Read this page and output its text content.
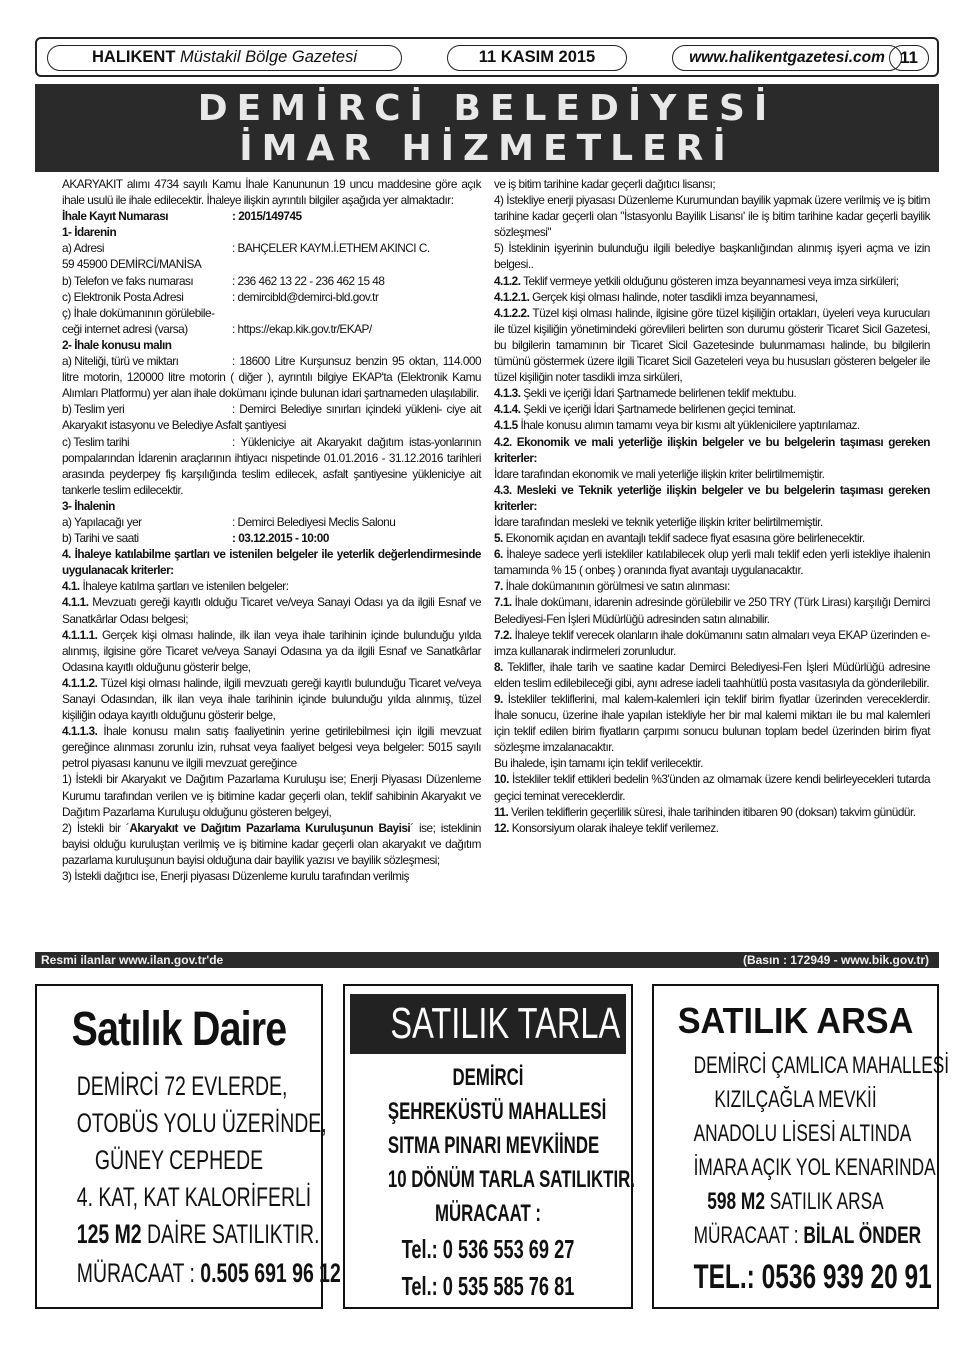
HALIKENT Müstakil Bölge Gazetesi	11 KASIM 2015	www.halikentgazetesi.com 11
DEMİRCİ BELEDİYESİ
İMAR HİZMETLERİ

AKARYAKIT alımı 4734 sayılı Kamu İhale Kanununun 19 uncu maddesine göre açık ihale usulü ile ihale edilecektir. İhaleye ilişkin ayrıntılı bilgiler aşağıda yer almaktadır:

İhale Kayıt Numarası	: 2015/149745

1- İdarenin

a) Adresi	: BAHÇELER KAYM.İ.ETHEM AKINCI C.

59 45900 DEMİRCİ/MANİSA

b) Telefon ve faks numarası	: 236 462 13 22 - 236 462 15 48

c) Elektronik Posta Adresi	: demircibld@demirci-bld.gov.tr

ç) İhale dokümanının görülebile-

ceği internet adresi (varsa)	: https://ekap.kik.gov.tr/EKAP/

2- İhale konusu malın

a) Niteliği, türü ve miktarı	: 18600 Litre Kurşunsuz benzin 95 oktan, 114.000 litre motorin, 120000 litre motorin ( diğer ), ayrıntılı bilgiye EKAP'ta (Elektronik Kamu Alımları Platformu) yer alan ihale dokümanı içinde bulunan idari şartnameden ulaşılabilir.

b) Teslim yeri	: Demirci Belediye sınırları içindeki yükleni- ciye ait Akaryakıt istasyonu ve Belediye Asfalt şantiyesi

c) Teslim tarihi	: Yükleniciye ait Akaryakıt dağıtım istas-yonlarının pompalarından İdarenin araçlarının ihtiyacı nispetinde 01.01.2016 - 31.12.2016 tarihleri arasında peyderpey fiş karşılığında teslim edilecek, asfalt şantiyesine yükleniciye ait tankerle teslim edilecektir.

3- İhalenin

a) Yapılacağı yer	: Demirci Belediyesi Meclis Salonu

b) Tarihi ve saati	: 03.12.2015 - 10:00

4. İhaleye katılabilme şartları ve istenilen belgeler ile yeterlik değerlendirmesinde uygulanacak kriterler:

4.1. İhaleye katılma şartları ve istenilen belgeler:

4.1.1. Mevzuatı gereği kayıtlı olduğu Ticaret ve/veya Sanayi Odası ya da ilgili Esnaf ve Sanatkârlar Odası belgesi;

4.1.1.1. Gerçek kişi olması halinde, ilk ilan veya ihale tarihinin içinde bulunduğu yılda alınmış, ilgisine göre Ticaret ve/veya Sanayi Odasına ya da ilgili Esnaf ve Sanatkârlar Odasına kayıtlı olduğunu gösterir belge,

4.1.1.2. Tüzel kişi olması halinde, ilgili mevzuatı gereği kayıtlı bulunduğu Ticaret ve/veya Sanayi Odasından, ilk ilan veya ihale tarihinin içinde bulunduğu yılda alınmış, tüzel kişiliğin odaya kayıtlı olduğunu gösterir belge,

4.1.1.3. İhale konusu malın satış faaliyetinin yerine getirilebilmesi için ilgili mevzuat gereğince alınması zorunlu izin, ruhsat veya faaliyet belgesi veya belgeler: 5015 sayılı petrol piyasası kanunu ve ilgili mevzuat gereğince

1) İstekli bir Akaryakıt ve Dağıtım Pazarlama Kuruluşu ise; Enerji Piyasası Düzenleme Kurumu tarafından verilen ve iş bitimine kadar geçerli olan, teklif sahibinin Akaryakıt ve Dağıtım Pazarlama Kuruluşu olduğunu gösteren belgeyi,

2) İstekli bir ´Akaryakıt ve Dağıtım Pazarlama Kuruluşunun Bayisi´ ise; isteklinin bayisi olduğu kuruluştan verilmiş ve iş bitimine kadar geçerli olan akaryakıt ve dağıtım pazarlama kuruluşunun bayisi olduğuna dair bayilik yazısı ve bayilik sözleşmesi;

3) İstekli dağıtıcı ise, Enerji piyasası Düzenleme kurulu tarafından verilmiş

ve iş bitim tarihine kadar geçerli dağıtıcı lisansı;

4) İstekliye enerji piyasası Düzenleme Kurumundan bayilik yapmak üzere verilmiş ve iş bitim tarihine kadar geçerli olan "İstasyonlu Bayilik Lisansı' ile iş bitim tarihine kadar geçerli bayilik sözleşmesi"

5) İsteklinin işyerinin bulunduğu ilgili belediye başkanlığından alınmış işyeri açma ve izin belgesi..

4.1.2. Teklif vermeye yetkili olduğunu gösteren imza beyannamesi veya imza sirküleri;

4.1.2.1. Gerçek kişi olması halinde, noter tasdikli imza beyannamesi,

4.1.2.2. Tüzel kişi olması halinde, ilgisine göre tüzel kişiliğin ortakları, üyeleri veya kurucuları ile tüzel kişiliğin yönetimindeki görevlileri belirten son durumu gösterir Ticaret Sicil Gazetesi, bu bilgilerin tamamının bir Ticaret Sicil Gazetesinde bulunmaması halinde, bu bilgilerin tümünü göstermek üzere ilgili Ticaret Sicil Gazeteleri veya bu hususları gösteren belgeler ile tüzel kişiliğin noter tasdikli imza sirküleri,

4.1.3. Şekli ve içeriği İdari Şartnamede belirlenen teklif mektubu.

4.1.4. Şekli ve içeriği İdari Şartnamede belirlenen geçici teminat.

4.1.5 İhale konusu alımın tamamı veya bir kısmı alt yüklenicilere yaptırılamaz.

4.2. Ekonomik ve mali yeterliğe ilişkin belgeler ve bu belgelerin taşıması gereken kriterler:

İdare tarafından ekonomik ve mali yeterliğe ilişkin kriter belirtilmemiştir.

4.3. Mesleki ve Teknik yeterliğe ilişkin belgeler ve bu belgelerin taşıması gereken kriterler:

İdare tarafından mesleki ve teknik yeterliğe ilişkin kriter belirtilmemiştir.

5. Ekonomik açıdan en avantajlı teklif sadece fiyat esasına göre belirlenecektir.

6. İhaleye sadece yerli istekliler katılabilecek olup yerli malı teklif eden yerli istekliye ihalenin tamamında % 15 ( onbeş ) oranında fiyat avantajı uygulanacaktır.

7. İhale dokümanının görülmesi ve satın alınması:

7.1. İhale dokümanı, idarenin adresinde görülebilir ve 250 TRY (Türk Lirası) karşılığı Demirci Belediyesi-Fen İşleri Müdürlüğü adresinden satın alınabilir.

7.2. İhaleye teklif verecek olanların ihale dokümanını satın almaları veya EKAP üzerinden e-imza kullanarak indirmeleri zorunludur.

8. Teklifler, ihale tarih ve saatine kadar Demirci Belediyesi-Fen İşleri Müdürlüğü adresine elden teslim edilebileceği gibi, aynı adrese iadeli taahhütlü posta vasıtasıyla da gönderilebilir.

9. İstekliler tekliflerini, mal kalem-kalemleri için teklif birim fiyatlar üzerinden vereceklerdir. İhale sonucu, üzerine ihale yapılan istekliyle her bir mal kalemi miktarı ile bu mal kalemleri için teklif edilen birim fiyatların çarpımı sonucu bulunan toplam bedel üzerinden birim fiyat sözleşme imzalanacaktır.

Bu ihalede, işin tamamı için teklif verilecektir.

10. İstekliler teklif ettikleri bedelin %3'ünden az olmamak üzere kendi belirleyecekleri tutarda geçici teminat vereceklerdir.

11. Verilen tekliflerin geçerlilik süresi, ihale tarihinden itibaren 90 (doksan) takvim günüdür.

12. Konsorsiyum olarak ihaleye teklif verilemez.

Resmi ilanlar www.ilan.gov.tr'de	(Basın : 172949 - www.bik.gov.tr)
Satılık Daire
DEMİRCİ 72 EVLERDE,
OTOBÜS YOLU ÜZERİNDE,
GÜNEY CEPHEDE
4. KAT, KAT KALORİFERLİ
125 M2 DAİRE SATILIKTIR.
MÜRACAAT : 0.505 691 96 12
SATILIK TARLA
DEMİRCİ
ŞEHREKÜSTÜ MAHALLESİ
SITMA PINARI MEVKİİNDE
10 DÖNÜM TARLA SATILIKTIR.
MÜRACAAT :
Tel.: 0 536 553 69 27
Tel.: 0 535 585 76 81
SATILIK ARSA
DEMİRCİ ÇAMLICA MAHALLESİ
KIZILÇAĞLA MEVKİİ
ANADOLU LİSESİ ALTINDA
İMARA AÇIK YOL KENARINDA
598 M2 SATILIK ARSA
MÜRACAAT : BİLAL ÖNDER
TEL.: 0536 939 20 91
